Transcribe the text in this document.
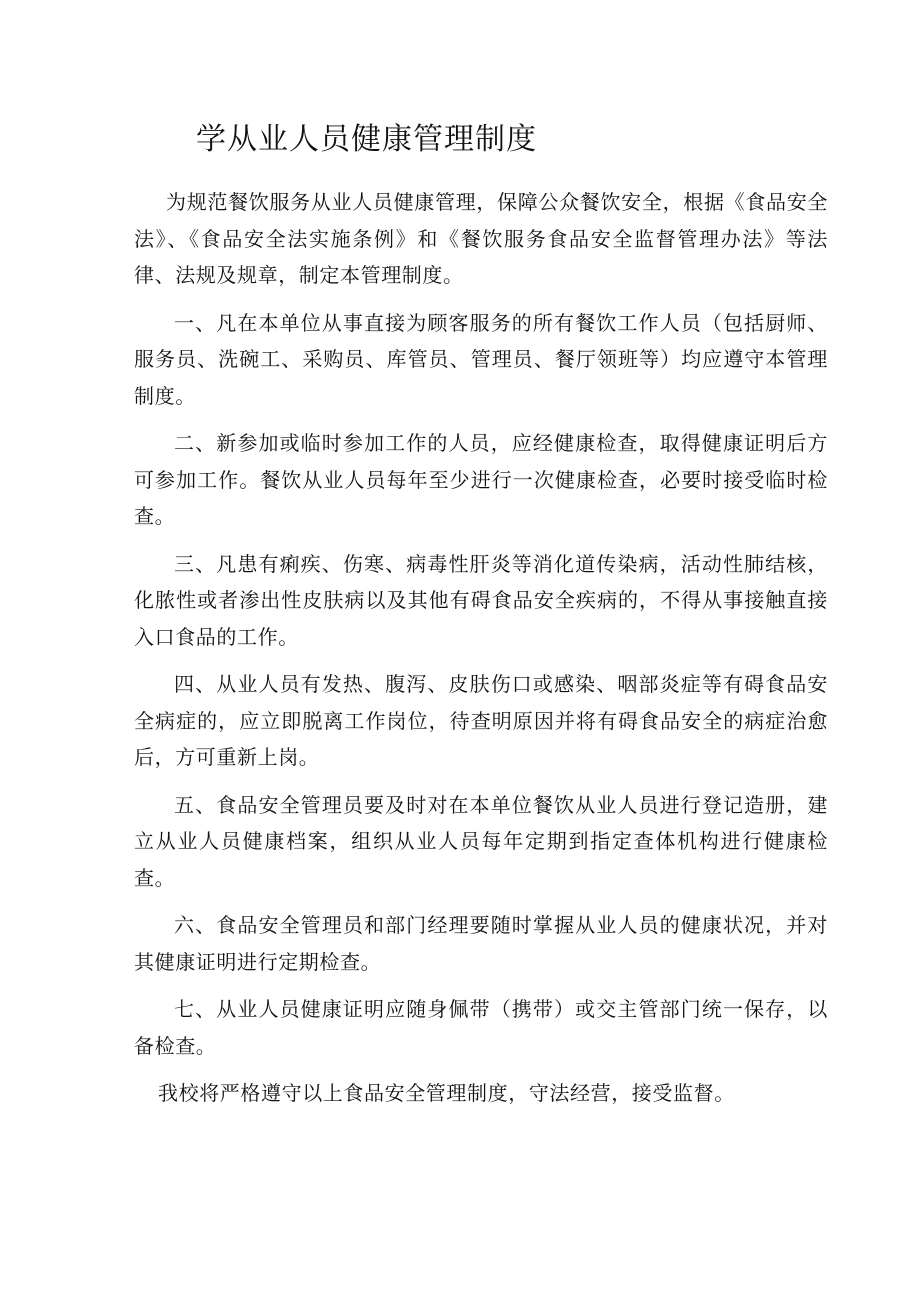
学从业人员健康管理制度

为规范餐饮服务从业人员健康管理，保障公众餐饮安全，根据《食品安全法》、《食品安全法实施条例》和《餐饮服务食品安全监督管理办法》等法律、法规及规章，制定本管理制度。

一、凡在本单位从事直接为顾客服务的所有餐饮工作人员（包括厨师、服务员、洗碗工、采购员、库管员、管理员、餐厅领班等）均应遵守本管理制度。

二、新参加或临时参加工作的人员，应经健康检查，取得健康证明后方可参加工作。餐饮从业人员每年至少进行一次健康检查，必要时接受临时检查。

三、凡患有痢疾、伤寒、病毒性肝炎等消化道传染病，活动性肺结核，化脓性或者渗出性皮肤病以及其他有碍食品安全疾病的，不得从事接触直接入口食品的工作。

四、从业人员有发热、腹泻、皮肤伤口或感染、咽部炎症等有碍食品安全病症的，应立即脱离工作岗位，待查明原因并将有碍食品安全的病症治愈后，方可重新上岗。

五、食品安全管理员要及时对在本单位餐饮从业人员进行登记造册，建立从业人员健康档案，组织从业人员每年定期到指定查体机构进行健康检查。

六、食品安全管理员和部门经理要随时掌握从业人员的健康状况，并对其健康证明进行定期检查。

七、从业人员健康证明应随身佩带（携带）或交主管部门统一保存，以备检查。

我校将严格遵守以上食品安全管理制度，守法经营，接受监督。
